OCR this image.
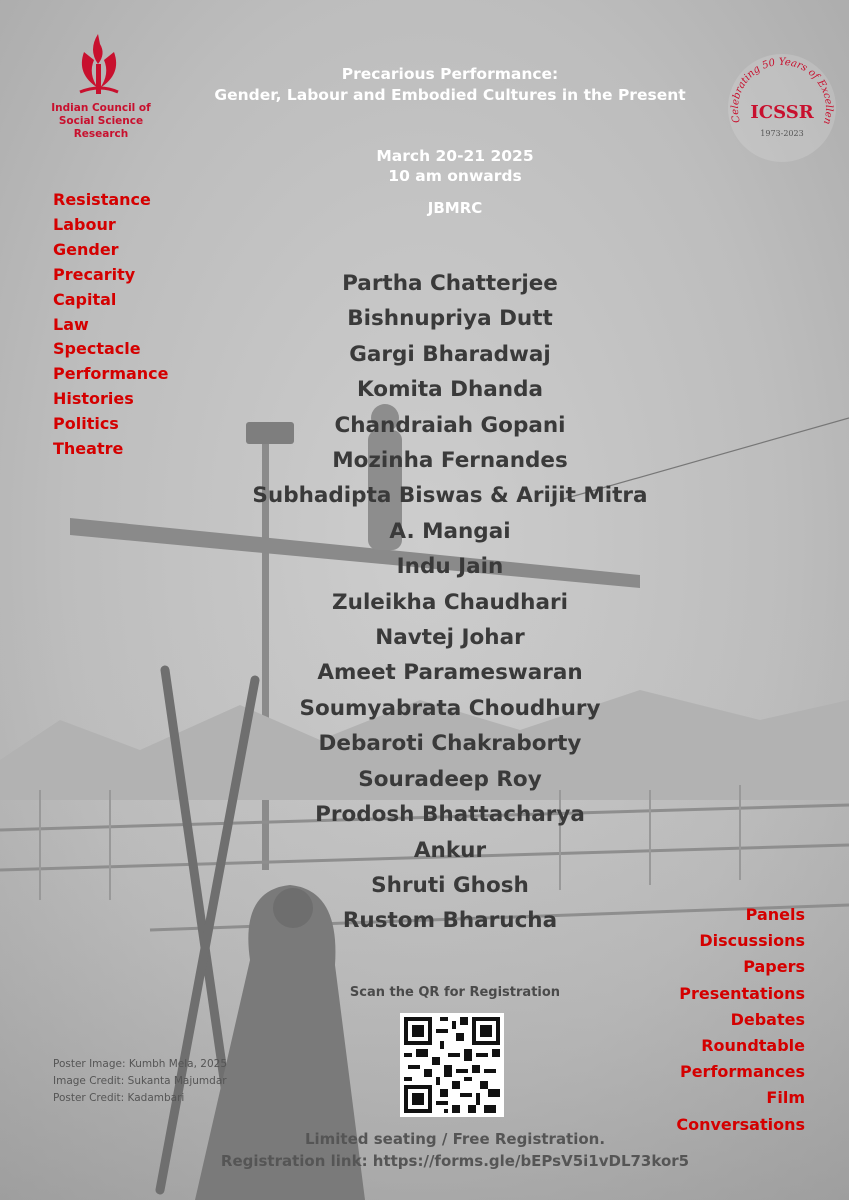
Indian Council of
Social Science Research
Celebrating 50 Years of Excellen
ICSSR
1973-2023
Precarious Performance:
Gender, Labour and Embodied Cultures in the Present
March 20-21 2025
10 am onwards
JBMRC
Resistance
Labour
Gender
Precarity
Capital
Law
Spectacle
Performance
Histories
Politics
Theatre
Partha Chatterjee
Bishnupriya Dutt
Gargi Bharadwaj
Komita Dhanda
Chandraiah Gopani
Mozinha Fernandes
Subhadipta Biswas & Arijit Mitra
A. Mangai
Indu Jain
Zuleikha Chaudhari
Navtej Johar
Ameet Parameswaran
Soumyabrata Choudhury
Debaroti Chakraborty
Souradeep Roy
Prodosh Bhattacharya
Ankur
Shruti Ghosh
Rustom Bharucha	Panels
Discussions
Papers
Presentations
Debates
Roundtable
Performances
Film
Conversations
Scan the QR for Registration
Poster Image: Kumbh Mela, 2025
Image Credit: Sukanta Majumdar
Poster Credit: Kadambari
Limited seating / Free Registration.
Registration link: https://forms.gle/bEPsV5i1vDL73kor5
